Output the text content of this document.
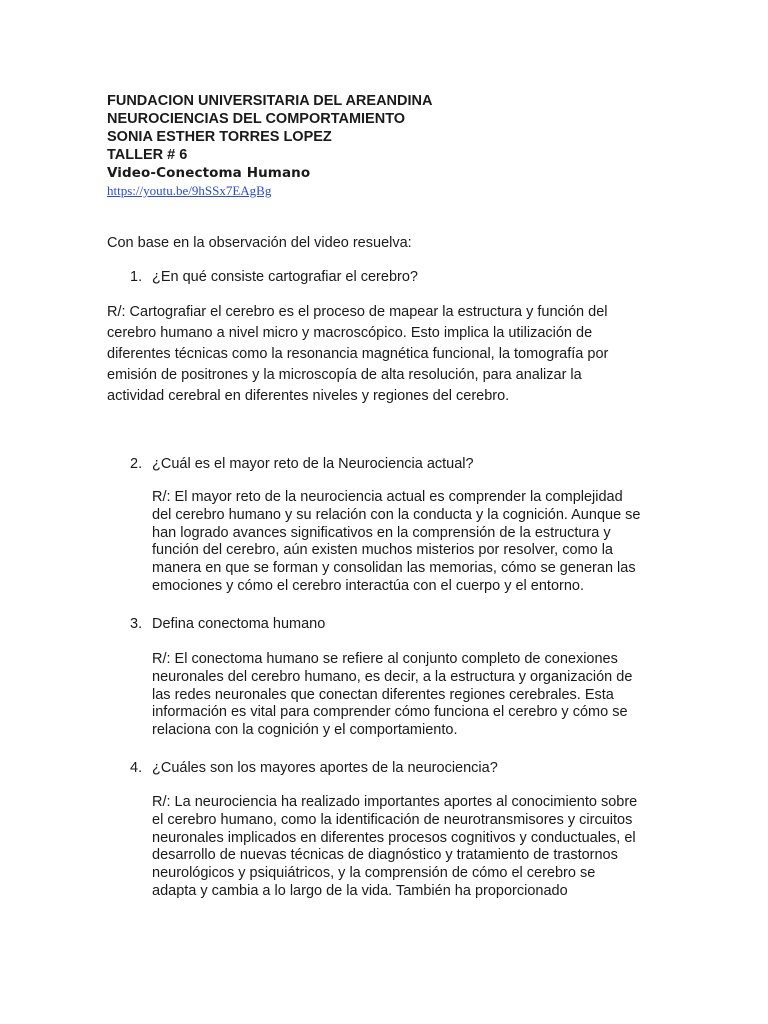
FUNDACION UNIVERSITARIA DEL AREANDINA
NEUROCIENCIAS DEL COMPORTAMIENTO
SONIA ESTHER TORRES LOPEZ
TALLER # 6
Video-Conectoma Humano
https://youtu.be/9hSSx7EAgBg
Con base en la observación del video resuelva:
1. ¿En qué consiste cartografiar el cerebro?
R/: Cartografiar el cerebro es el proceso de mapear la estructura y función del
cerebro humano a nivel micro y macroscópico. Esto implica la utilización de
diferentes técnicas como la resonancia magnética funcional, la tomografía por
emisión de positrones y la microscopía de alta resolución, para analizar la
actividad cerebral en diferentes niveles y regiones del cerebro.
2. ¿Cuál es el mayor reto de la Neurociencia actual?
R/: El mayor reto de la neurociencia actual es comprender la complejidad
del cerebro humano y su relación con la conducta y la cognición. Aunque se
han logrado avances significativos en la comprensión de la estructura y
función del cerebro, aún existen muchos misterios por resolver, como la
manera en que se forman y consolidan las memorias, cómo se generan las
emociones y cómo el cerebro interactúa con el cuerpo y el entorno.
3. Defina conectoma humano
R/: El conectoma humano se refiere al conjunto completo de conexiones
neuronales del cerebro humano, es decir, a la estructura y organización de
las redes neuronales que conectan diferentes regiones cerebrales. Esta
información es vital para comprender cómo funciona el cerebro y cómo se
relaciona con la cognición y el comportamiento.
4. ¿Cuáles son los mayores aportes de la neurociencia?
R/: La neurociencia ha realizado importantes aportes al conocimiento sobre
el cerebro humano, como la identificación de neurotransmisores y circuitos
neuronales implicados en diferentes procesos cognitivos y conductuales, el
desarrollo de nuevas técnicas de diagnóstico y tratamiento de trastornos
neurológicos y psiquiátricos, y la comprensión de cómo el cerebro se
adapta y cambia a lo largo de la vida. También ha proporcionado
